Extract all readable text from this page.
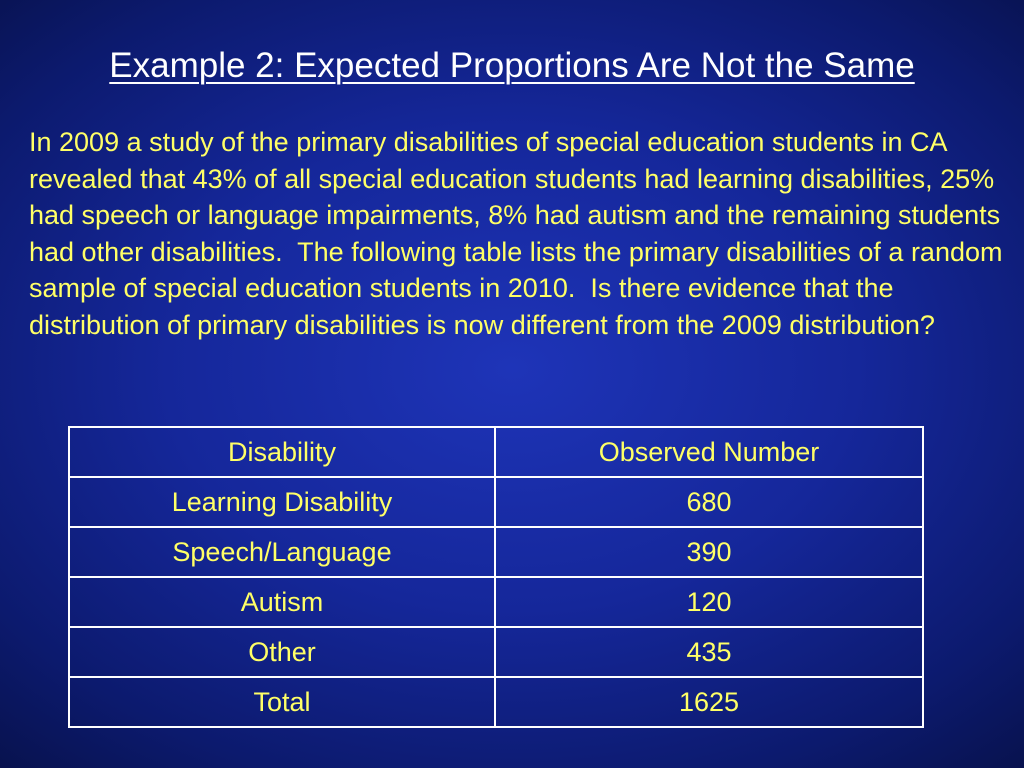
Example 2: Expected Proportions Are Not the Same

In 2009 a study of the primary disabilities of special education students in CA revealed that 43% of all special education students had learning disabilities, 25% had speech or language impairments, 8% had autism and the remaining students had other disabilities.  The following table lists the primary disabilities of a random sample of special education students in 2010.  Is there evidence that the distribution of primary disabilities is now different from the 2009 distribution?

Disability	Observed Number
Learning Disability	680
Speech/Language	390
Autism	120
Other	435
Total	1625
